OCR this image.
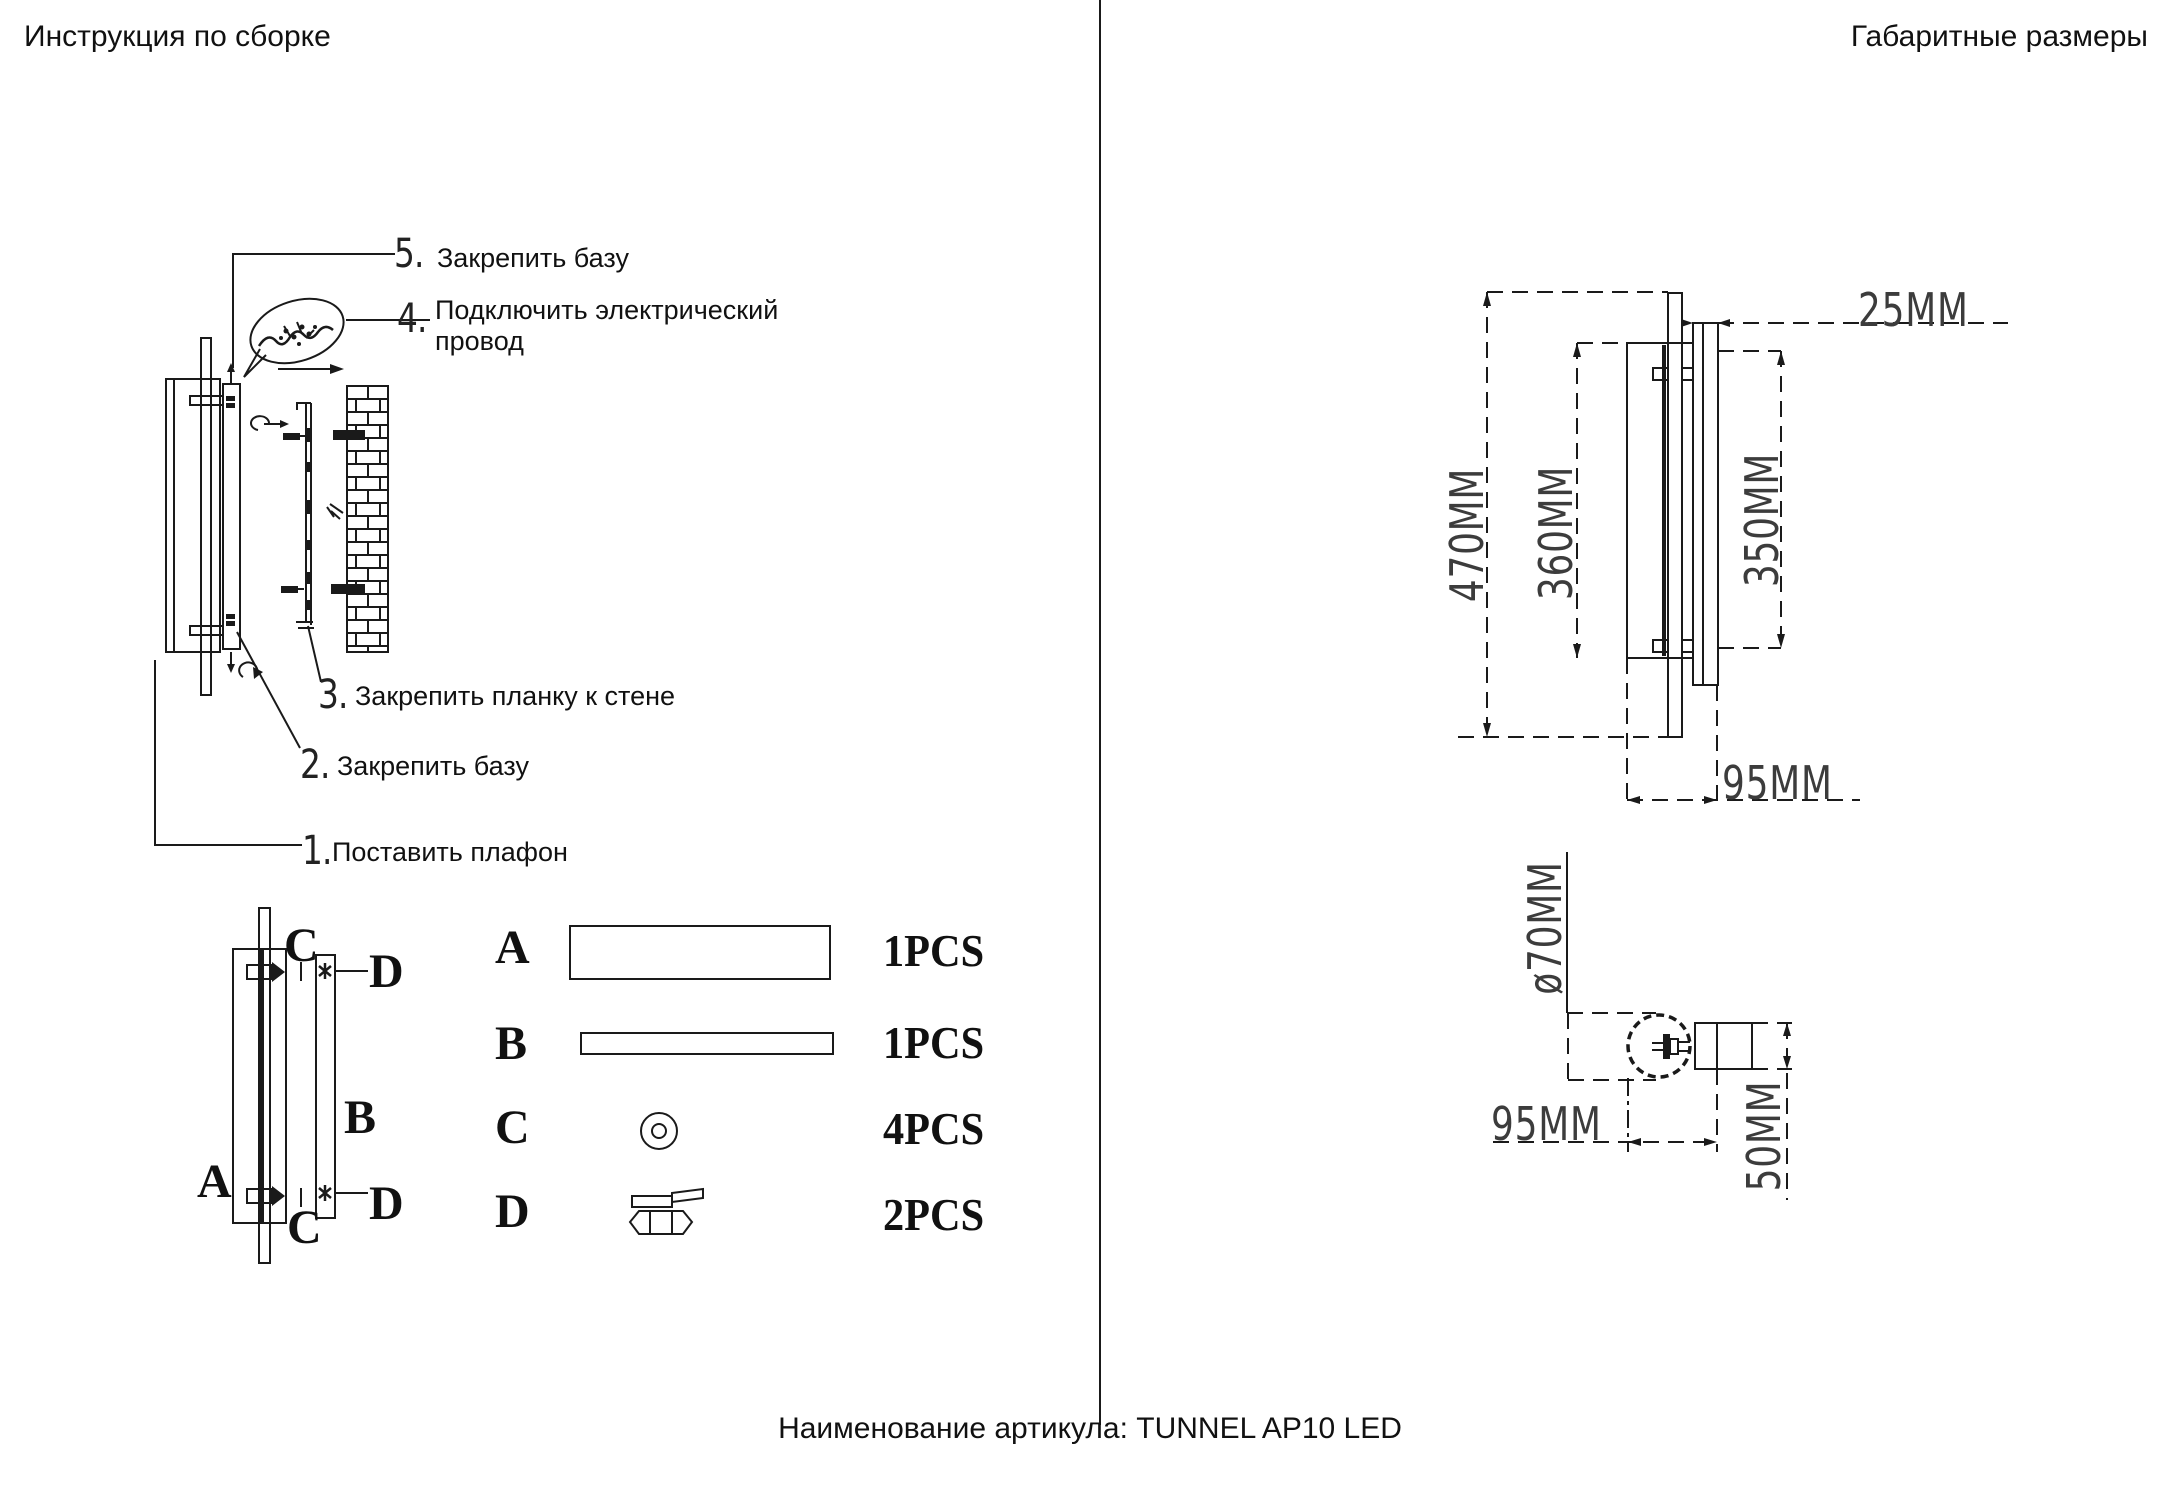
Инструкция по сборке	Габаритные размеры
5. Закрепить базу
4. Подключить электрический провод
3. Закрепить планку к стене
2. Закрепить базу
1. Поставить плафон
C D
B
A
C D
A	1PCS
B	1PCS
C	4PCS
D	2PCS
470MM 360MM	350MM
25MM
95MM
ø70MM
50MM
95MM
Наименование артикула: TUNNEL AP10 LED
